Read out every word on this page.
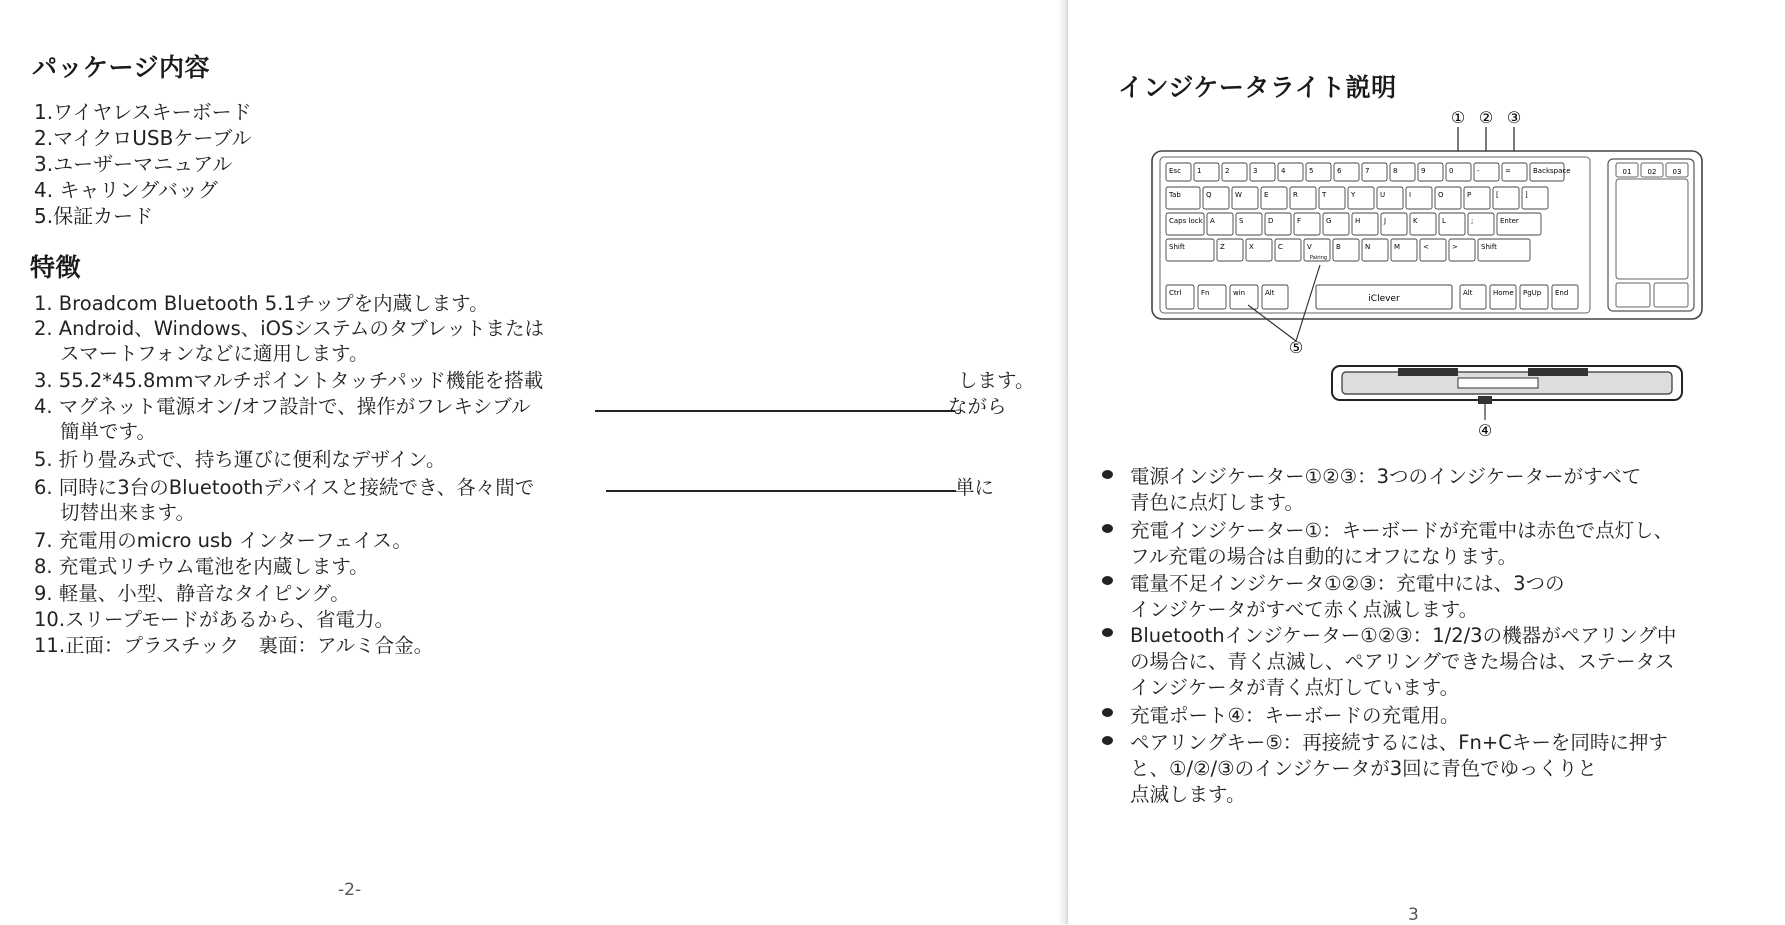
パッケージ内容
1.ワイヤレスキーボード
2.マイクロUSBケーブル
3.ユーザーマニュアル
4. キャリングバッグ
5.保証カード
特徴
1. Broadcom Bluetooth 5.1チップを内蔵します。
2. Android、Windows、iOSシステムのタブレットまたは
スマートフォンなどに適用します。
3. 55.2*45.8mmマルチポイントタッチパッド機能を搭載	します。
4. マグネット電源オン/オフ設計で、操作がフレキシブル	ながら
簡単です。
5. 折り畳み式で、持ち運びに便利なデザイン。
6. 同時に3台のBluetoothデバイスと接続でき、各々間で	単に
切替出来ます。
7. 充電用のmicro usb インターフェイス。
8. 充電式リチウム電池を内蔵します。
9. 軽量、小型、静音なタイピング。
10.スリープモードがあるから、省電力。
11.正面：プラスチック　裏面：アルミ合金。
-2-
インジケータライト説明
① ② ③
01 02 03
Esc 1	2	3	4	5	6	7	8	9	0	-	=	Backspace
Tab	Q	W	E	R	T	Y	U	I	O	P	[	]
Caps lock A	S	D	F	G	H	J	K	L	;	Enter
Shift	Z	X	C	V	B	N	M	<	>	Shift
Ctrl	Fn	win	Alt	Alt	Home PgUp End
Pairing
iClever
⑤
④
電源インジケーター①②③：3つのインジケーターがすべて
青色に点灯します。
充電インジケーター①：キーボードが充電中は赤色で点灯し、
フル充電の場合は自動的にオフになります。
電量不足インジケータ①②③：充電中には、3つの
インジケータがすべて赤く点滅します。
Bluetoothインジケーター①②③：1/2/3の機器がペアリング中
の場合に、青く点滅し、ペアリングできた場合は、ステータス
インジケータが青く点灯しています。
充電ポート④：キーボードの充電用。
ペアリングキー⑤：再接続するには、Fn+Cキーを同時に押す
と、①/②/③のインジケータが3回に青色でゆっくりと
点滅します。
3
